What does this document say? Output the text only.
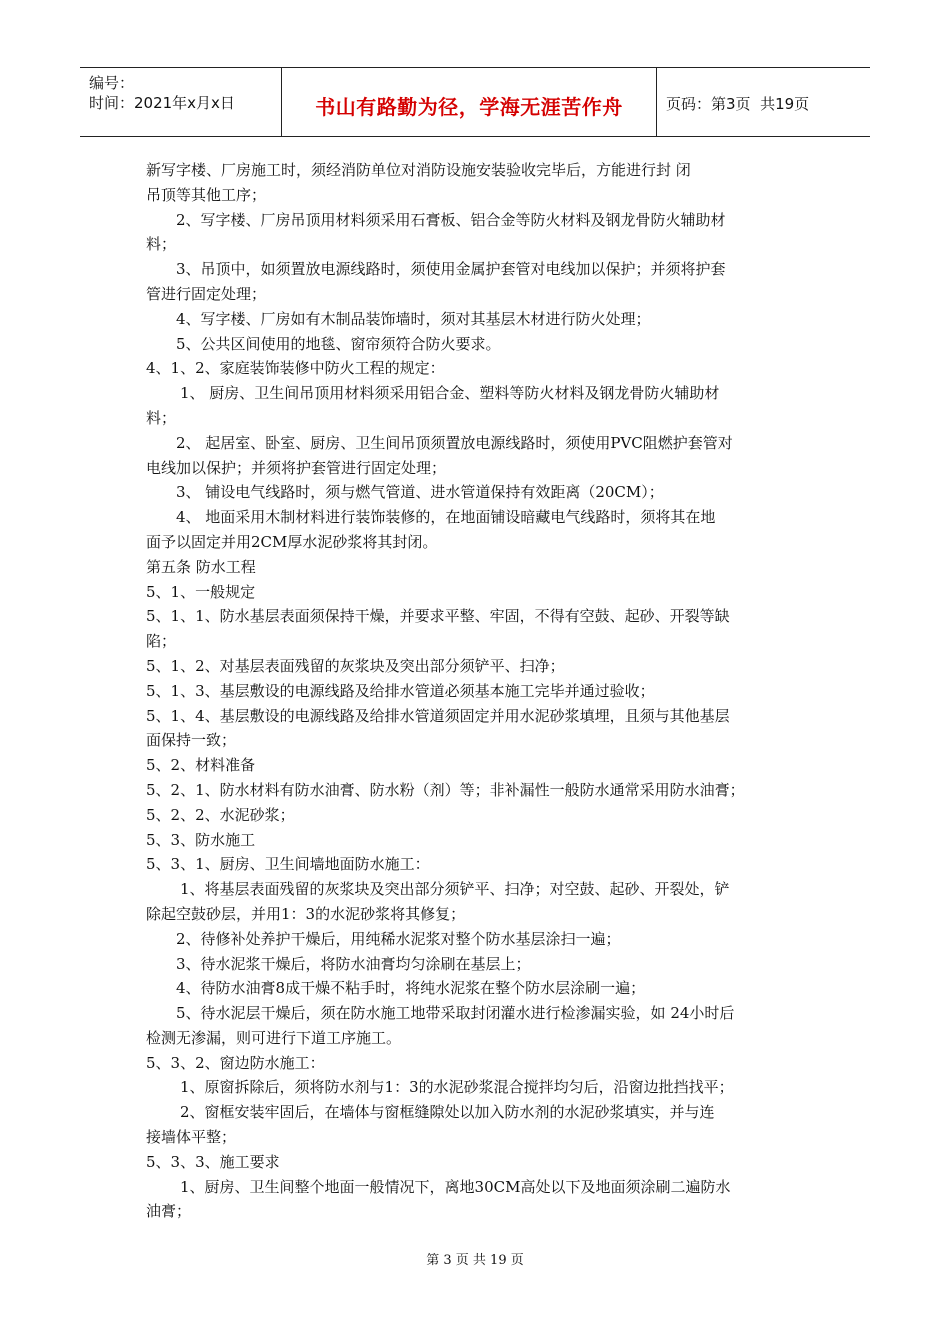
编号：
时间：2021年x月x日	书山有路勤为径，学海无涯苦作舟	页码：第3页  共19页
新写字楼、厂房施工时，须经消防单位对消防设施安装验收完毕后，方能进行封 闭
吊顶等其他工序；
2、写字楼、厂房吊顶用材料须采用石膏板、铝合金等防火材料及钢龙骨防火辅助材
料；
3、吊顶中，如须置放电源线路时，须使用金属护套管对电线加以保护；并须将护套
管进行固定处理；
4、写字楼、厂房如有木制品装饰墙时，须对其基层木材进行防火处理；
5、公共区间使用的地毯、窗帘须符合防火要求。
4、1、2、家庭装饰装修中防火工程的规定：
1、 厨房、卫生间吊顶用材料须采用铝合金、塑料等防火材料及钢龙骨防火辅助材
料；
2、 起居室、卧室、厨房、卫生间吊顶须置放电源线路时，须使用PVC阻燃护套管对
电线加以保护；并须将护套管进行固定处理；
3、 铺设电气线路时，须与燃气管道、进水管道保持有效距离（20CM）；
4、 地面采用木制材料进行装饰装修的，在地面铺设暗藏电气线路时，须将其在地
面予以固定并用2CM厚水泥砂浆将其封闭。
第五条 防水工程
5、1、一般规定
5、1、1、防水基层表面须保持干燥，并要求平整、牢固，不得有空鼓、起砂、开裂等缺
陷；
5、1、2、对基层表面残留的灰浆块及突出部分须铲平、扫净；
5、1、3、基层敷设的电源线路及给排水管道必须基本施工完毕并通过验收；
5、1、4、基层敷设的电源线路及给排水管道须固定并用水泥砂浆填埋，且须与其他基层
面保持一致；
5、2、材料准备
5、2、1、防水材料有防水油膏、防水粉（剂）等；非补漏性一般防水通常采用防水油膏；
5、2、2、水泥砂浆；
5、3、防水施工
5、3、1、厨房、卫生间墙地面防水施工：
1、将基层表面残留的灰浆块及突出部分须铲平、扫净；对空鼓、起砂、开裂处，铲
除起空鼓砂层，并用1：3的水泥砂浆将其修复；
2、待修补处养护干燥后，用纯稀水泥浆对整个防水基层涂扫一遍；
3、待水泥浆干燥后，将防水油膏均匀涂刷在基层上；
4、待防水油膏8成干燥不粘手时，将纯水泥浆在整个防水层涂刷一遍；
5、待水泥层干燥后，须在防水施工地带采取封闭灌水进行检渗漏实验，如 24小时后
检测无渗漏，则可进行下道工序施工。
5、3、2、窗边防水施工：
1、原窗拆除后，须将防水剂与1：3的水泥砂浆混合搅拌均匀后，沿窗边批挡找平；
2、窗框安装牢固后，在墙体与窗框缝隙处以加入防水剂的水泥砂浆填实，并与连
接墙体平整；
5、3、3、施工要求
1、厨房、卫生间整个地面一般情况下，离地30CM高处以下及地面须涂刷二遍防水
油膏；
第 3 页 共 19 页
